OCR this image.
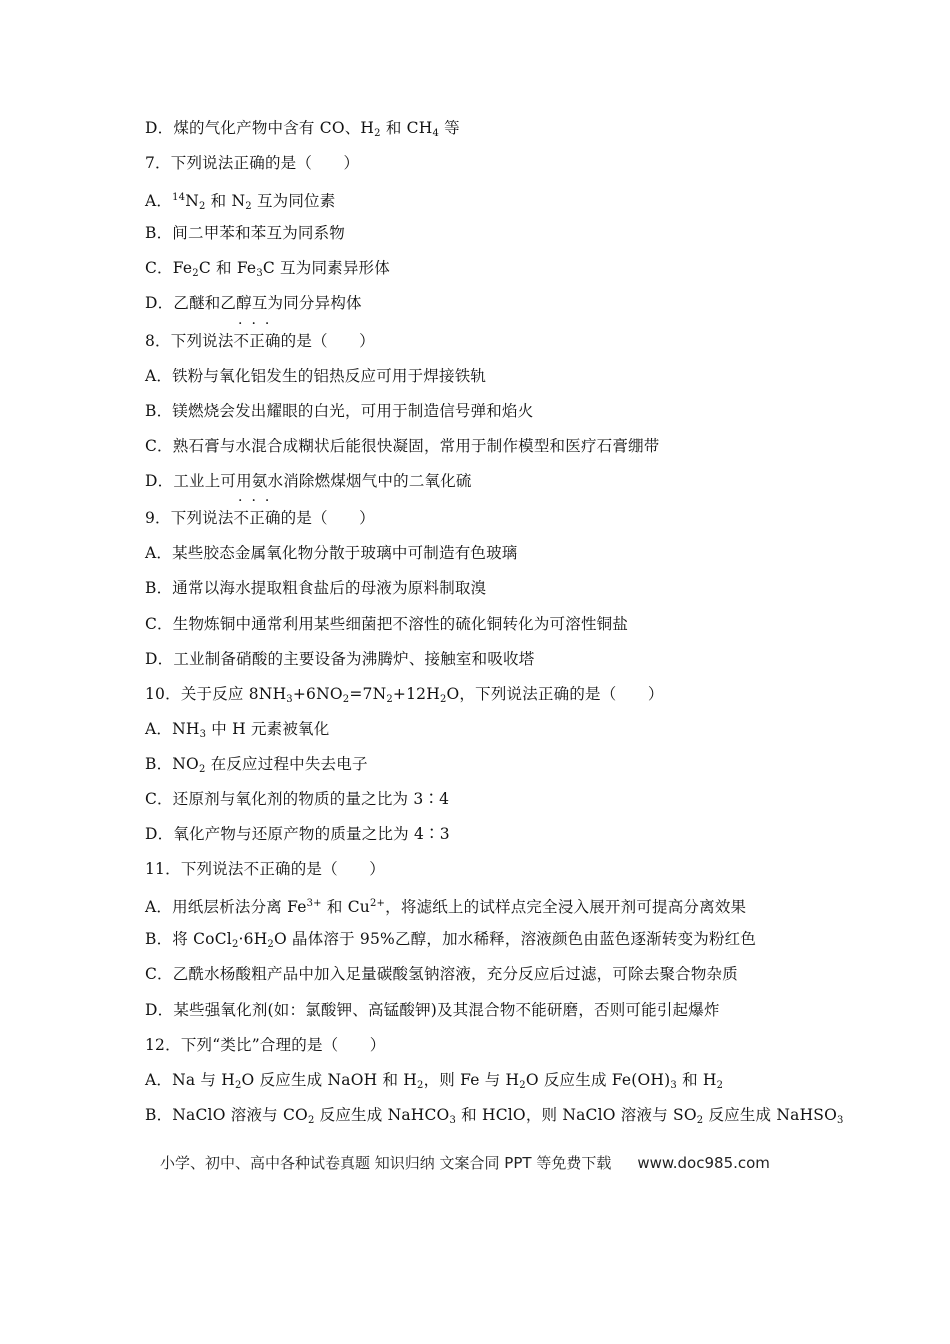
D．煤的气化产物中含有 CO、$H_2$ 和 $CH_4$ 等
7．下列说法正确的是（　　）
A．$^{14}N_2$ 和 $N_2$ 互为同位素
B．间二甲苯和苯互为同系物
C．$Fe_2C$ 和 $Fe_3C$ 互为同素异形体
D．乙醚和乙醇互为同分异构体
···
8．下列说法不正确的是（　　）
A．铁粉与氧化铝发生的铝热反应可用于焊接铁轨
B．镁燃烧会发出耀眼的白光，可用于制造信号弹和焰火
C．熟石膏与水混合成糊状后能很快凝固，常用于制作模型和医疗石膏绷带
D．工业上可用氨水消除燃煤烟气中的二氧化硫
···
9．下列说法不正确的是（　　）
A．某些胶态金属氧化物分散于玻璃中可制造有色玻璃
B．通常以海水提取粗食盐后的母液为原料制取溴
C．生物炼铜中通常利用某些细菌把不溶性的硫化铜转化为可溶性铜盐
D．工业制备硝酸的主要设备为沸腾炉、接触室和吸收塔
10．关于反应 $8NH_3+6NO_2=7N_2+12H_2O$，下列说法正确的是（　　）
A．$NH_3$ 中 H 元素被氧化
B．$NO_2$ 在反应过程中失去电子
C．还原剂与氧化剂的物质的量之比为 3∶4
D．氧化产物与还原产物的质量之比为 4∶3
11．下列说法不正确的是（　　）
A．用纸层析法分离 $Fe^{3+}$ 和 $Cu^{2+}$，将滤纸上的试样点完全浸入展开剂可提高分离效果
B．将 $CoCl_2\cdot 6H_2O$ 晶体溶于 95%乙醇，加水稀释，溶液颜色由蓝色逐渐转变为粉红色
C．乙酰水杨酸粗产品中加入足量碳酸氢钠溶液，充分反应后过滤，可除去聚合物杂质
D．某些强氧化剂(如：氯酸钾、高锰酸钾)及其混合物不能研磨，否则可能引起爆炸
12．下列“类比”合理的是（　　）
A．Na 与 $H_2O$ 反应生成 NaOH 和 $H_2$，则 Fe 与 $H_2O$ 反应生成 $Fe(OH)_3$ 和 $H_2$
B．NaClO 溶液与 $CO_2$ 反应生成 NaHCO$_3$ 和 HClO，则 NaClO 溶液与 $SO_2$ 反应生成 NaHSO$_3$
小学、初中、高中各种试卷真题 知识归纳 文案合同 PPT 等免费下载 www.doc985.com
